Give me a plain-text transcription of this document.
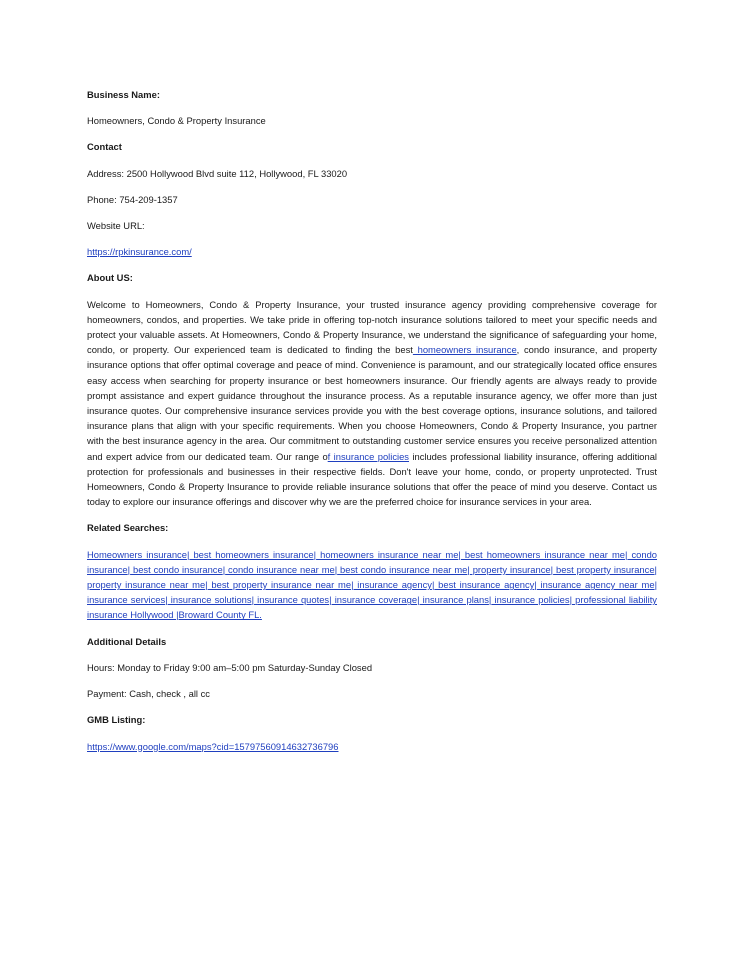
Business Name:

Homeowners, Condo & Property Insurance

Contact

Address: 2500 Hollywood Blvd suite 112, Hollywood, FL 33020

Phone: 754-209-1357

Website URL:

https://rpkinsurance.com/

About US:

Welcome to Homeowners, Condo & Property Insurance, your trusted insurance agency providing comprehensive coverage for homeowners, condos, and properties. We take pride in offering top-notch insurance solutions tailored to meet your specific needs and protect your valuable assets. At Homeowners, Condo & Property Insurance, we understand the significance of safeguarding your home, condo, or property. Our experienced team is dedicated to finding the best homeowners insurance, condo insurance, and property insurance options that offer optimal coverage and peace of mind. Convenience is paramount, and our strategically located office ensures easy access when searching for property insurance or best homeowners insurance. Our friendly agents are always ready to provide prompt assistance and expert guidance throughout the insurance process. As a reputable insurance agency, we offer more than just insurance quotes. Our comprehensive insurance services provide you with the best coverage options, insurance solutions, and tailored insurance plans that align with your specific requirements. When you choose Homeowners, Condo & Property Insurance, you partner with the best insurance agency in the area. Our commitment to outstanding customer service ensures you receive personalized attention and expert advice from our dedicated team. Our range of insurance policies includes professional liability insurance, offering additional protection for professionals and businesses in their respective fields. Don't leave your home, condo, or property unprotected. Trust Homeowners, Condo & Property Insurance to provide reliable insurance solutions that offer the peace of mind you deserve. Contact us today to explore our insurance offerings and discover why we are the preferred choice for insurance services in your area.

Related Searches:

Homeowners insurance| best homeowners insurance| homeowners insurance near me| best homeowners insurance near me| condo insurance| best condo insurance| condo insurance near me| best condo insurance near me| property insurance| best property insurance| property insurance near me| best property insurance near me| insurance agency| best insurance agency| insurance agency near me| insurance services| insurance solutions| insurance quotes| insurance coverage| insurance plans| insurance policies| professional liability insurance Hollywood |Broward County FL.

Additional Details

Hours: Monday to Friday 9:00 am–5:00 pm Saturday-Sunday Closed

Payment: Cash, check , all cc

GMB Listing:

https://www.google.com/maps?cid=15797560914632736796
